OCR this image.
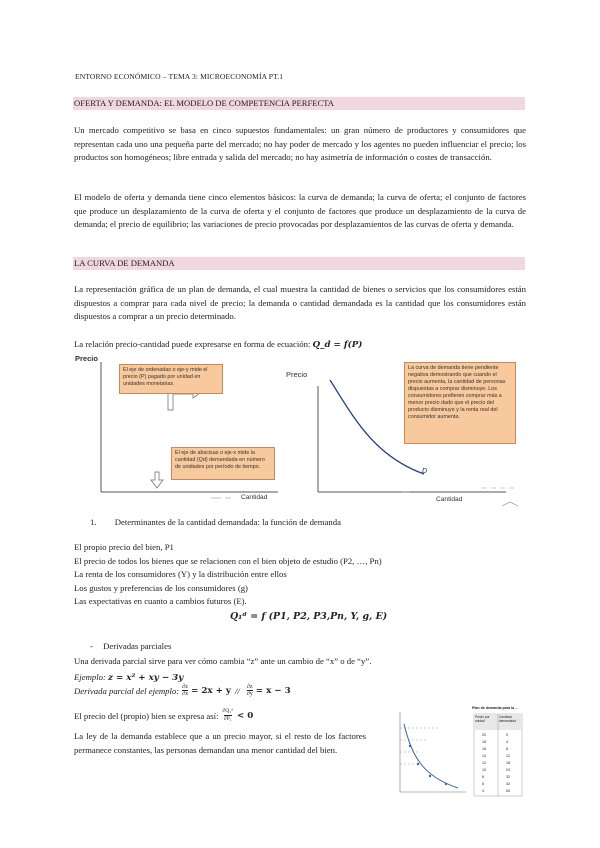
ENTORNO ECONÓMICO – TEMA 3: MICROECONOMÍA PT.1
OFERTA Y DEMANDA: EL MODELO DE COMPETENCIA PERFECTA
Un mercado competitivo se basa en cinco supuestos fundamentales: un gran número de productores y consumidores que representan cada uno una pequeña parte del mercado; no hay poder de mercado y los agentes no pueden influenciar el precio; los productos son homogéneos; libre entrada y salida del mercado; no hay asimetría de información o costes de transacción.
El modelo de oferta y demanda tiene cinco elementos básicos: la curva de demanda; la curva de oferta; el conjunto de factores que produce un desplazamiento de la curva de oferta y el conjunto de factores que produce un desplazamiento de la curva de demanda; el precio de equilibrio; las variaciones de precio provocadas por desplazamientos de las curvas de oferta y demanda.
LA CURVA DE DEMANDA
La representación gráfica de un plan de demanda, el cual muestra la cantidad de bienes o servicios que los consumidores están dispuestos a comprar para cada nivel de precio; la demanda o cantidad demandada es la cantidad que los consumidores están dispuestos a comprar a un precio determinado.
La relación precio-cantidad puede expresarse en forma de ecuación: Q_d = f(P)
Precio
Cantidad
El eje de ordenadas o eje-y mide el precio (P) pagado por unidad en unidades monetarias.
El eje de abscisas o eje-x mide la cantidad (Qd) demandada en número de unidades por período de tiempo.
Precio
Cantidad
D
La curva de demanda tiene pendiente negativa demostrando que cuando el precio aumenta, la cantidad de personas dispuestas a comprar disminuye. Los consumidores prefieren comprar más a menor precio dado que el precio del producto disminuye y la renta real del consumidor aumenta.
1. Determinantes de la cantidad demandada: la función de demanda
El propio precio del bien, P1
El precio de todos los bienes que se relacionen con el bien objeto de estudio (P2, …, Pn)
La renta de los consumidores (Y) y la distribución entre ellos
Los gustos y preferencias de los consumidores (g)
Las expectativas en cuanto a cambios futuros (E).
Q₁ᵈ = f (P1, P2, P3,Pn, Y, g, E)
- Derivadas parciales
Una derivada parcial sirve para ver cómo cambia “z” ante un cambio de “x” o de “y”.
Ejemplo: z = x² + xy − 3y
Derivada parcial del ejemplo: $\frac{\partial z}{\partial x} = 2x + y // \frac{\partial z}{\partial y} = x - 3$
El precio del (propio) bien se expresa así: $\frac{\text{∂Q₁ᵈ}}{\text{∂P₁}} < 0$
La ley de la demanda establece que a un precio mayor, si el resto de los factores permanece constantes, las personas demandan una menor cantidad del bien.
Plan de demanda para la ...
Precio por unidad
Cantidad demandada
20
18
16
14
12
10
8
6
4
0
4
8
12
18
24
32
42
54
